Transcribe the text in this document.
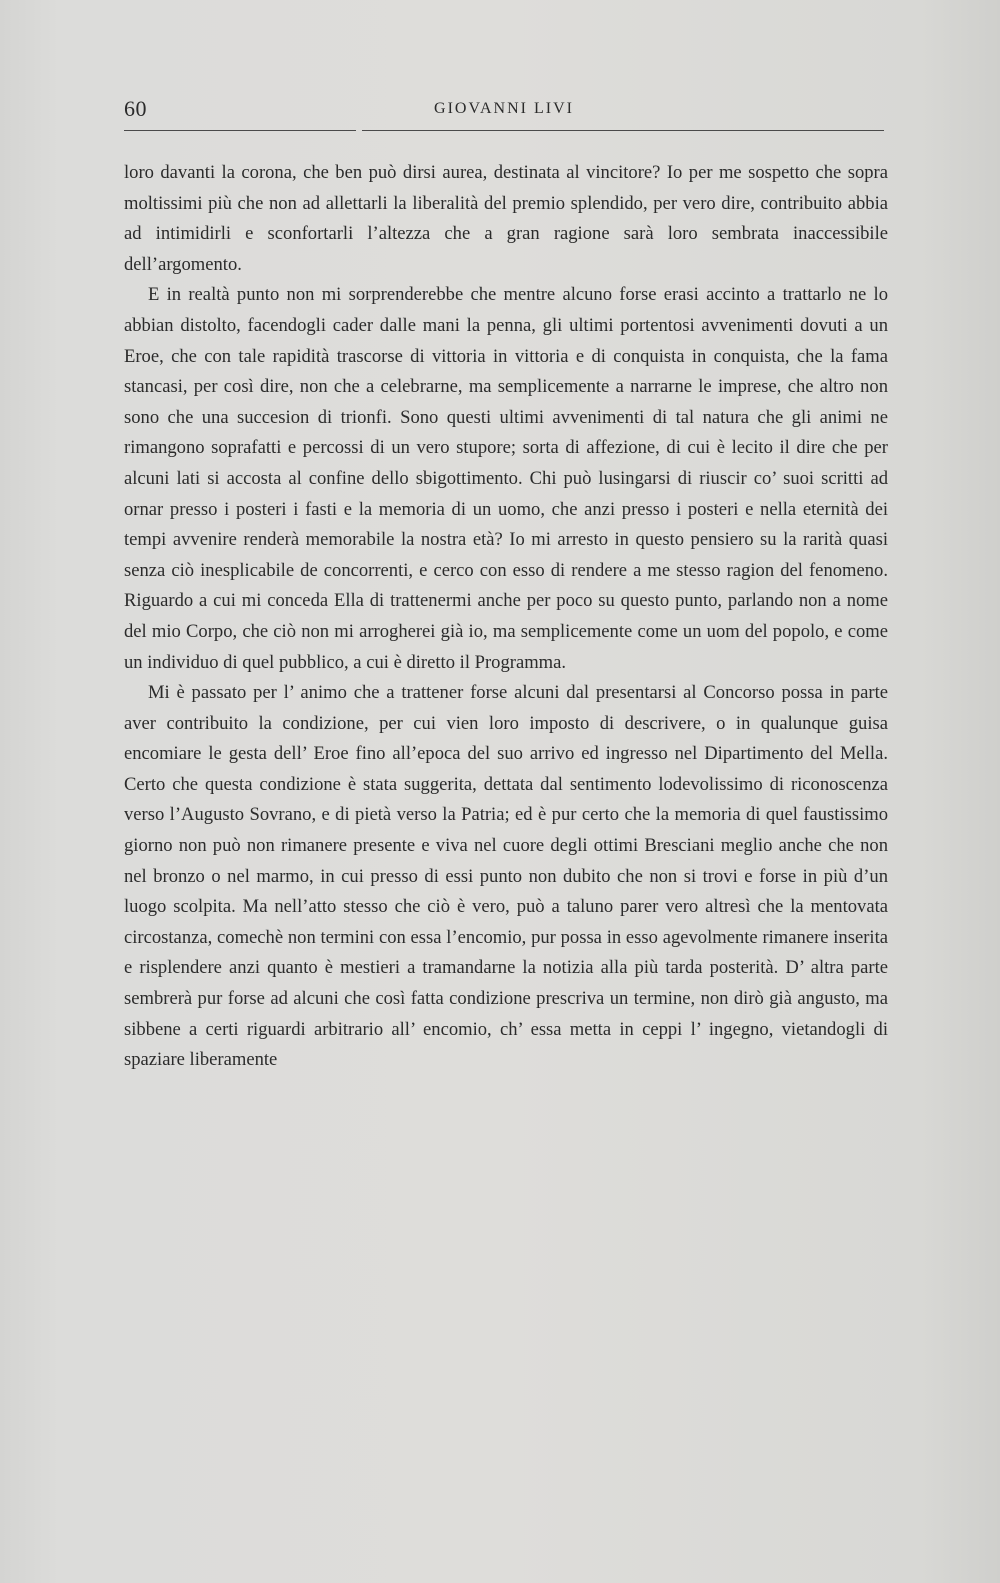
60	GIOVANNI LIVI

loro davanti la corona, che ben può dirsi aurea, destinata al vincitore? Io per me sospetto che sopra moltissimi più che non ad allettarli la liberalità del premio splendido, per vero dire, contribuito abbia ad intimidirli e sconfortarli l’altezza che a gran ragione sarà loro sembrata inaccessibile dell’argomento.

E in realtà punto non mi sorprenderebbe che mentre alcuno forse erasi accinto a trattarlo ne lo abbian distolto, facendogli cader dalle mani la penna, gli ultimi portentosi avvenimenti dovuti a un Eroe, che con tale rapidità trascorse di vittoria in vittoria e di conquista in conquista, che la fama stancasi, per così dire, non che a celebrarne, ma semplicemente a narrarne le imprese, che altro non sono che una succesion di trionfi. Sono questi ultimi avvenimenti di tal natura che gli animi ne rimangono soprafatti e percossi di un vero stupore; sorta di affezione, di cui è lecito il dire che per alcuni lati si accosta al confine dello sbigottimento. Chi può lusingarsi di riuscir co’ suoi scritti ad ornar presso i posteri i fasti e la memoria di un uomo, che anzi presso i posteri e nella eternità dei tempi avvenire renderà memorabile la nostra età? Io mi arresto in questo pensiero su la rarità quasi senza ciò inesplicabile de concorrenti, e cerco con esso di rendere a me stesso ragion del fenomeno. Riguardo a cui mi conceda Ella di trattenermi anche per poco su questo punto, parlando non a nome del mio Corpo, che ciò non mi arrogherei già io, ma semplicemente come un uom del popolo, e come un individuo di quel pubblico, a cui è diretto il Programma.

Mi è passato per l’ animo che a trattener forse alcuni dal presentarsi al Concorso possa in parte aver contribuito la condizione, per cui vien loro imposto di descrivere, o in qualunque guisa encomiare le gesta dell’ Eroe fino all’epoca del suo arrivo ed ingresso nel Dipartimento del Mella. Certo che questa condizione è stata suggerita, dettata dal sentimento lodevolissimo di riconoscenza verso l’Augusto Sovrano, e di pietà verso la Patria; ed è pur certo che la memoria di quel faustissimo giorno non può non rimanere presente e viva nel cuore degli ottimi Bresciani meglio anche che non nel bronzo o nel marmo, in cui presso di essi punto non dubito che non si trovi e forse in più d’un luogo scolpita. Ma nell’atto stesso che ciò è vero, può a taluno parer vero altresì che la mentovata circostanza, comechè non termini con essa l’encomio, pur possa in esso agevolmente rimanere inserita e risplendere anzi quanto è mestieri a tramandarne la notizia alla più tarda posterità. D’ altra parte sembrerà pur forse ad alcuni che così fatta condizione prescriva un termine, non dirò già angusto, ma sibbene a certi riguardi arbitrario all’ encomio, ch’ essa metta in ceppi l’ ingegno, vietandogli di spaziare liberamente
